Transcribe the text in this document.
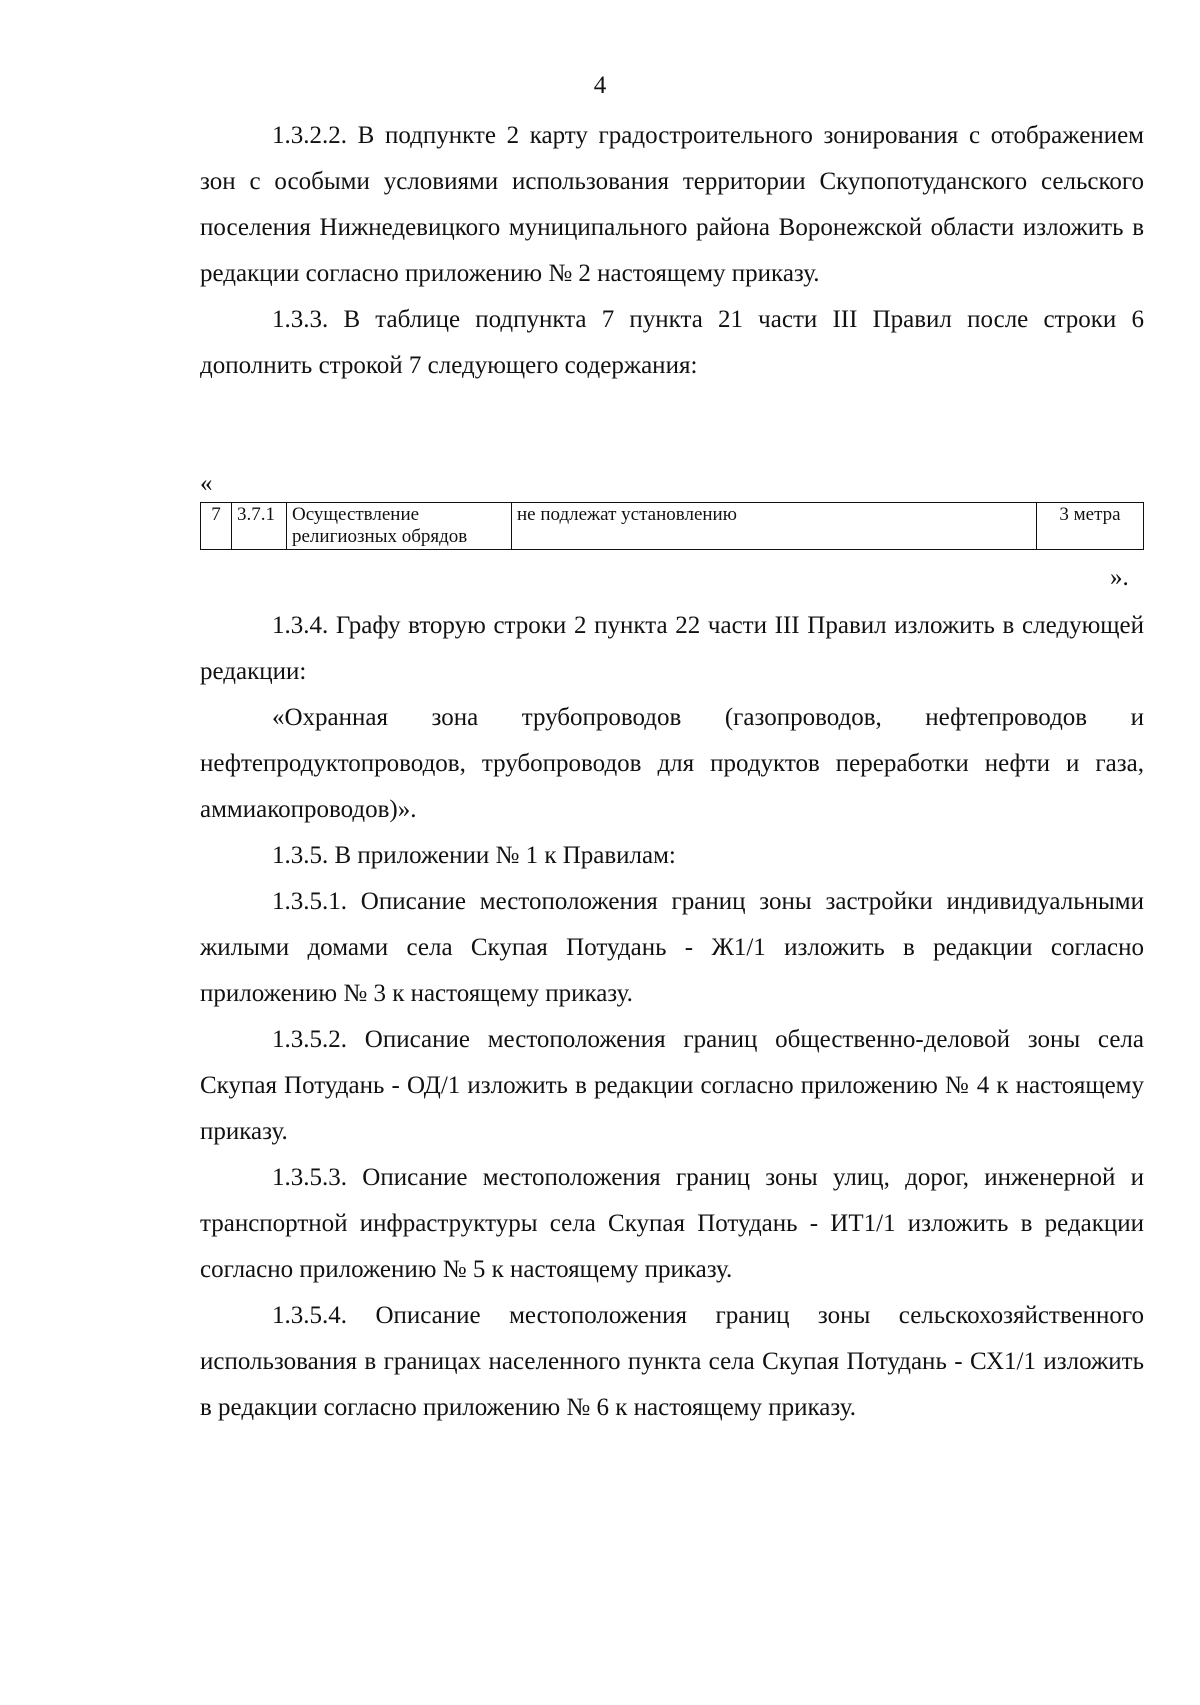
4

1.3.2.2. В подпункте 2 карту градостроительного зонирования с отображением зон с особыми условиями использования территории Скупопотуданского сельского поселения Нижнедевицкого муниципального района Воронежской области изложить в редакции согласно приложению № 2 настоящему приказу.

1.3.3. В таблице подпункта 7 пункта 21 части III Правил после строки 6 дополнить строкой 7 следующего содержания:

«
7	3.7.1	Осуществление религиозных обрядов	не подлежат установлению	3 метра
».

1.3.4. Графу вторую строки 2 пункта 22 части III Правил изложить в следующей редакции:

«Охранная зона трубопроводов (газопроводов, нефтепроводов и нефтепродуктопроводов, трубопроводов для продуктов переработки нефти и газа, аммиакопроводов)».

1.3.5. В приложении № 1 к Правилам:

1.3.5.1. Описание местоположения границ зоны застройки индивидуальными жилыми домами села Скупая Потудань - Ж1/1 изложить в редакции согласно приложению № 3 к настоящему приказу.

1.3.5.2. Описание местоположения границ общественно-деловой зоны села Скупая Потудань - ОД/1 изложить в редакции согласно приложению № 4 к настоящему приказу.

1.3.5.3. Описание местоположения границ зоны улиц, дорог, инженерной и транспортной инфраструктуры села Скупая Потудань - ИТ1/1 изложить в редакции согласно приложению № 5 к настоящему приказу.

1.3.5.4. Описание местоположения границ зоны сельскохозяйственного использования в границах населенного пункта села Скупая Потудань - СХ1/1 изложить в редакции согласно приложению № 6 к настоящему приказу.
